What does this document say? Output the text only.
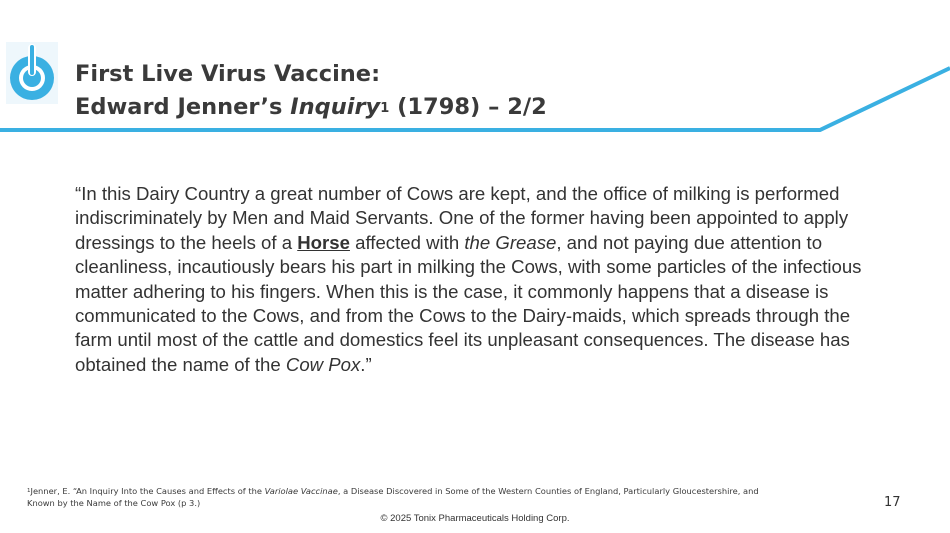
First Live Virus Vaccine:
Edward Jenner’s Inquiry$^1$ (1798) – 2/2
“In this Dairy Country a great number of Cows are kept, and the office of milking is performed indiscriminately by Men and Maid Servants. One of the former having been appointed to apply dressings to the heels of a Horse affected with the Grease, and not paying due attention to cleanliness, incautiously bears his part in milking the Cows, with some particles of the infectious matter adhering to his fingers. When this is the case, it commonly happens that a disease is communicated to the Cows, and from the Cows to the Dairy-maids, which spreads through the farm until most of the cattle and domestics feel its unpleasant consequences. The disease has obtained the name of the Cow Pox.”
$^1$Jenner, E. “An Inquiry Into the Causes and Effects of the Variolae Vaccinae, a Disease Discovered in Some of the Western Counties of England, Particularly Gloucestershire, and Known by the Name of the Cow Pox (p 3.)	17
© 2025 Tonix Pharmaceuticals Holding Corp.
